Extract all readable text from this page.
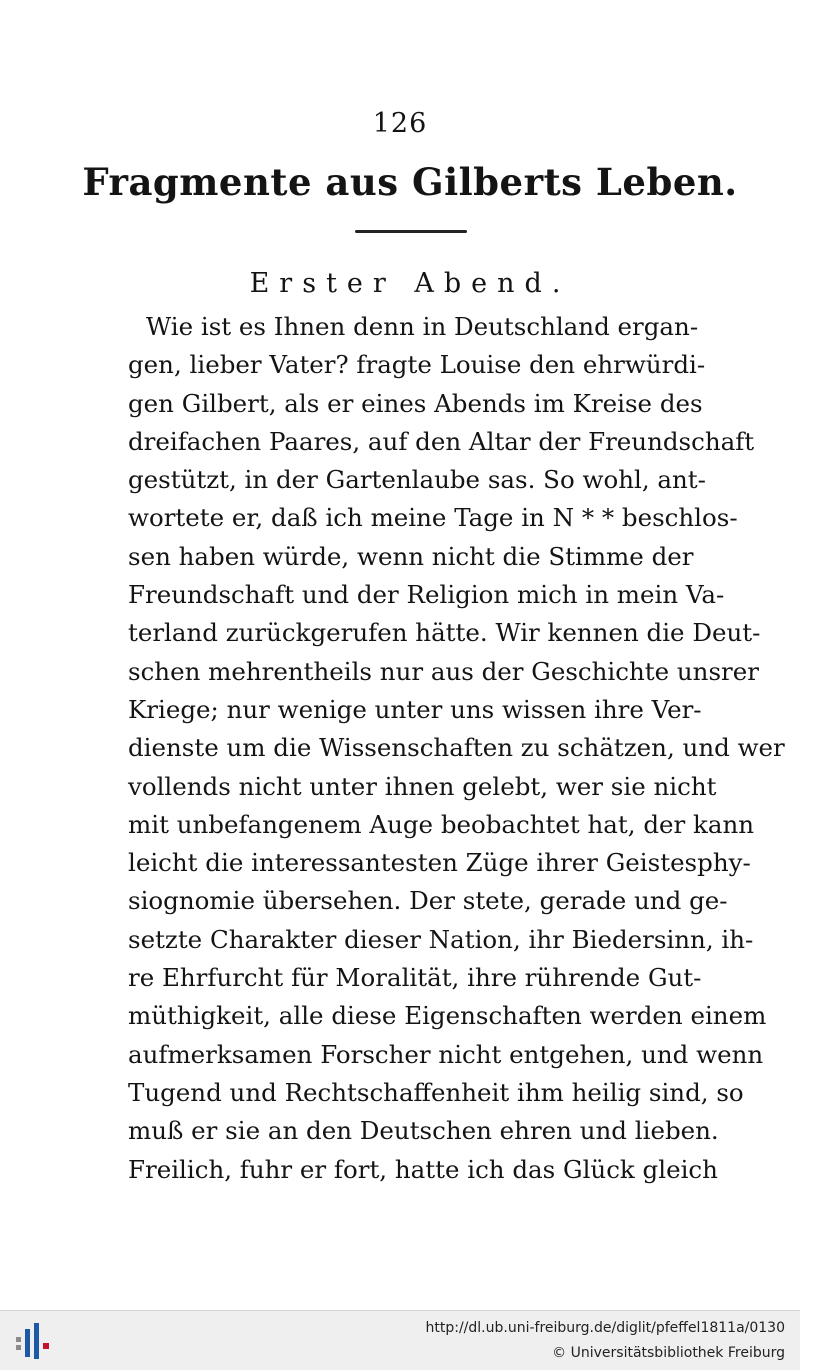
126
Fragmente aus Gilberts Leben.
Erster Abend.
Wie ist es Ihnen denn in Deutschland ergan-
gen, lieber Vater? fragte Louise den ehrwürdi-
gen Gilbert, als er eines Abends im Kreise des
dreifachen Paares, auf den Altar der Freundschaft
gestützt, in der Gartenlaube sas. So wohl, ant-
wortete er, daß ich meine Tage in N * * beschlos-
sen haben würde, wenn nicht die Stimme der
Freundschaft und der Religion mich in mein Va-
terland zurückgerufen hätte. Wir kennen die Deut-
schen mehrentheils nur aus der Geschichte unsrer
Kriege; nur wenige unter uns wissen ihre Ver-
dienste um die Wissenschaften zu schätzen, und wer
vollends nicht unter ihnen gelebt, wer sie nicht
mit unbefangenem Auge beobachtet hat, der kann
leicht die interessantesten Züge ihrer Geistesphy-
siognomie übersehen. Der stete, gerade und ge-
setzte Charakter dieser Nation, ihr Biedersinn, ih-
re Ehrfurcht für Moralität, ihre rührende Gut-
müthigkeit, alle diese Eigenschaften werden einem
aufmerksamen Forscher nicht entgehen, und wenn
Tugend und Rechtschaffenheit ihm heilig sind, so
muß er sie an den Deutschen ehren und lieben.
Freilich, fuhr er fort, hatte ich das Glück gleich
http://dl.ub.uni-freiburg.de/diglit/pfeffel1811a/0130
© Universitätsbibliothek Freiburg
